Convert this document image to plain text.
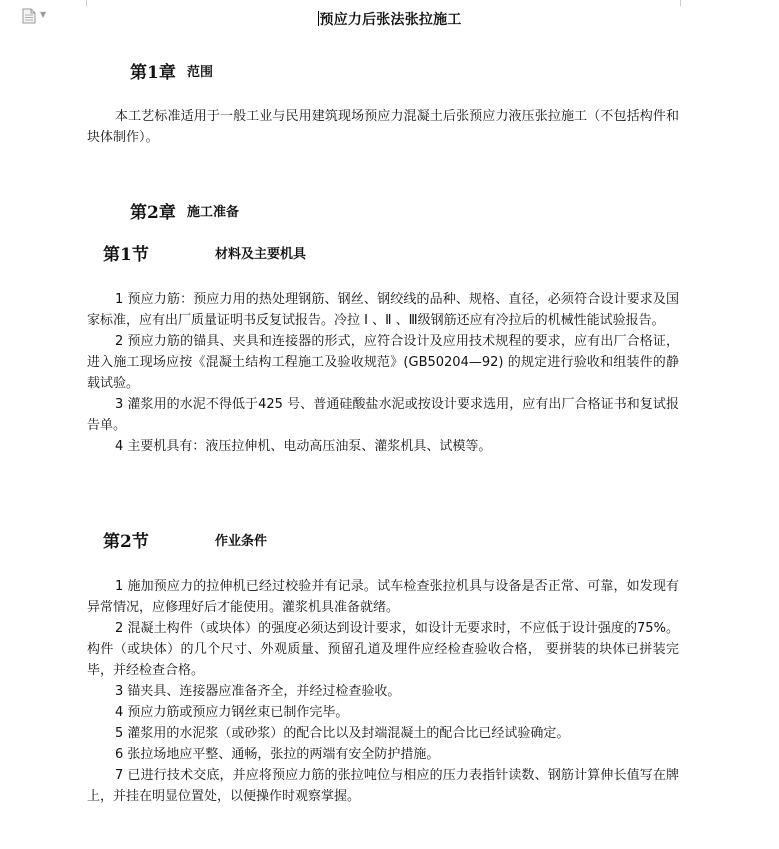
▼	预应力后张法张拉施工
第1章 范围

本工艺标准适用于一般工业与民用建筑现场预应力混凝土后张预应力液压张拉施工（不包括构件和块体制作）。

第2章 施工准备
第1节	材料及主要机具

1 预应力筋：预应力用的热处理钢筋、钢丝、钢绞线的品种、规格、直径，必须符合设计要求及国家标准，应有出厂质量证明书反复试报告。冷拉 Ⅰ 、Ⅱ 、Ⅲ级钢筋还应有冷拉后的机械性能试验报告。

2 预应力筋的锚具、夹具和连接器的形式，应符合设计及应用技术规程的要求，应有出厂合格证，进入施工现场应按《混凝土结构工程施工及验收规范》(GB50204—92) 的规定进行验收和组装件的静载试验。

3 灌浆用的水泥不得低于425 号、普通硅酸盐水泥或按设计要求选用，应有出厂合格证书和复试报告单。

4 主要机具有：液压拉伸机、电动高压油泵、灌浆机具、试模等。

第2节	作业条件

1 施加预应力的拉伸机已经过校验并有记录。试车检查张拉机具与设备是否正常、可靠，如发现有异常情况，应修理好后才能使用。灌浆机具准备就绪。

2 混凝土构件（或块体）的强度必须达到设计要求，如设计无要求时，不应低于设计强度的75%。构件（或块体）的几个尺寸、外观质量、预留孔道及埋件应经检查验收合格， 要拼装的块体已拼装完毕，并经检查合格。

3 锚夹具、连接器应准备齐全，并经过检查验收。

4 预应力筋或预应力钢丝束已制作完毕。

5 灌浆用的水泥浆（或砂浆）的配合比以及封端混凝土的配合比已经试验确定。

6 张拉场地应平整、通畅，张拉的两端有安全防护措施。

7 已进行技术交底，并应将预应力筋的张拉吨位与相应的压力表指针读数、钢筋计算伸长值写在牌上，并挂在明显位置处，以便操作时观察掌握。
